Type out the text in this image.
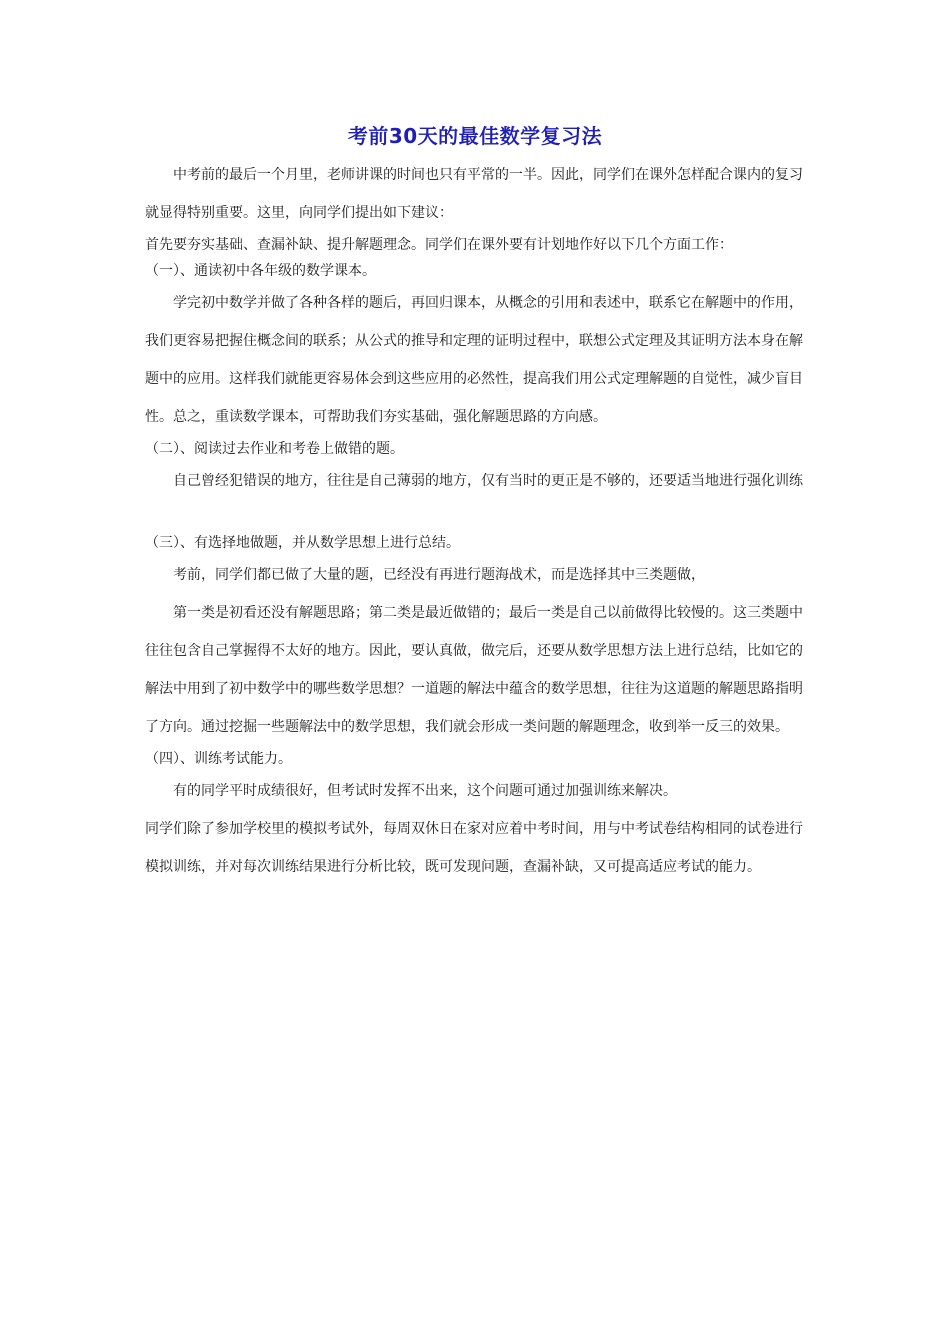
考前30天的最佳数学复习法

中考前的最后一个月里，老师讲课的时间也只有平常的一半。因此，同学们在课外怎样配合课内的复习就显得特别重要。这里，向同学们提出如下建议：

首先要夯实基础、查漏补缺、提升解题理念。同学们在课外要有计划地作好以下几个方面工作：

（一）、通读初中各年级的数学课本。

学完初中数学并做了各种各样的题后，再回归课本，从概念的引用和表述中，联系它在解题中的作用，我们更容易把握住概念间的联系；从公式的推导和定理的证明过程中，联想公式定理及其证明方法本身在解题中的应用。这样我们就能更容易体会到这些应用的必然性，提高我们用公式定理解题的自觉性，减少盲目性。总之，重读数学课本，可帮助我们夯实基础，强化解题思路的方向感。

（二）、阅读过去作业和考卷上做错的题。

自己曾经犯错误的地方，往往是自己薄弱的地方，仅有当时的更正是不够的，还要适当地进行强化训练

（三）、有选择地做题，并从数学思想上进行总结。

考前，同学们都已做了大量的题，已经没有再进行题海战术，而是选择其中三类题做，

第一类是初看还没有解题思路；第二类是最近做错的；最后一类是自己以前做得比较慢的。这三类题中往往包含自己掌握得不太好的地方。因此，要认真做，做完后，还要从数学思想方法上进行总结，比如它的解法中用到了初中数学中的哪些数学思想？一道题的解法中蕴含的数学思想，往往为这道题的解题思路指明了方向。通过挖掘一些题解法中的数学思想，我们就会形成一类问题的解题理念，收到举一反三的效果。

（四）、训练考试能力。

有的同学平时成绩很好，但考试时发挥不出来，这个问题可通过加强训练来解决。

同学们除了参加学校里的模拟考试外，每周双休日在家对应着中考时间，用与中考试卷结构相同的试卷进行模拟训练，并对每次训练结果进行分析比较，既可发现问题，查漏补缺，又可提高适应考试的能力。
